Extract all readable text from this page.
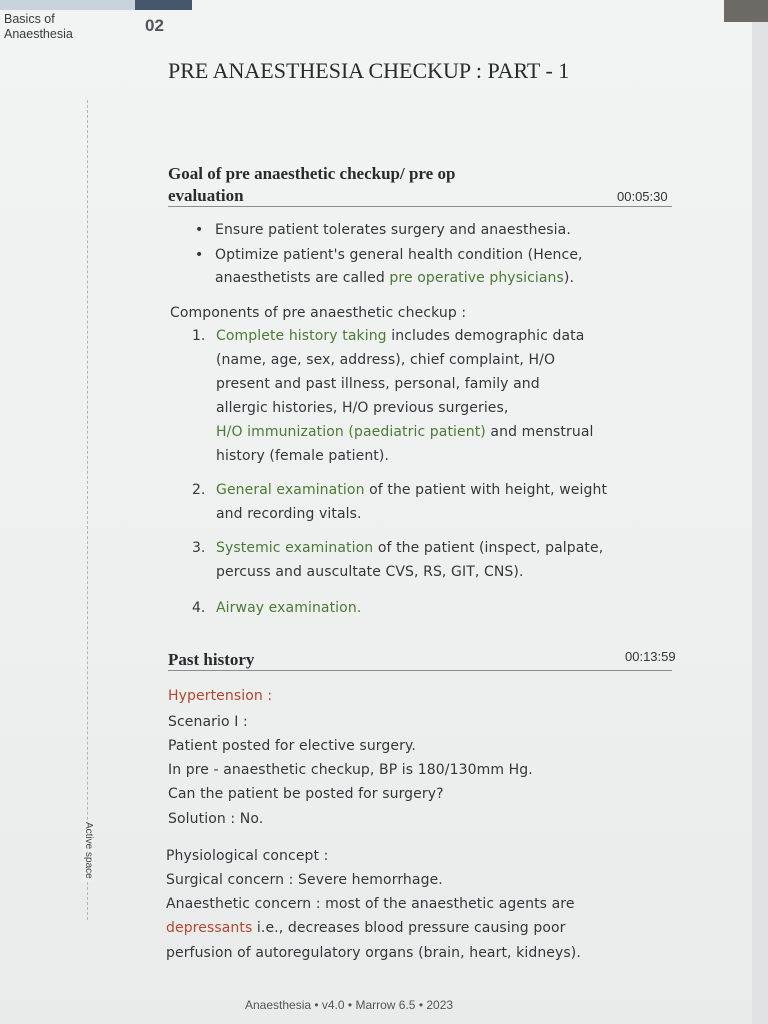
Basics of
Anaesthesia	02
PRE ANAESTHESIA CHECKUP : PART - 1
Active space
Goal of pre anaesthetic checkup/ pre op
evaluation	00:05:30
• Ensure patient tolerates surgery and anaesthesia.
• Optimize patient's general health condition (Hence,
anaesthetists are called pre operative physicians).
Components of pre anaesthetic checkup :
1. Complete history taking includes demographic data
(name, age, sex, address), chief complaint, H/O
present and past illness, personal, family and
allergic histories, H/O previous surgeries,
H/O immunization (paediatric patient) and menstrual
history (female patient).
2. General examination of the patient with height, weight
and recording vitals.
3. Systemic examination of the patient (inspect, palpate,
percuss and auscultate CVS, RS, GIT, CNS).
4. Airway examination.
Past history	00:13:59
Hypertension :
Scenario I :
Patient posted for elective surgery.
In pre - anaesthetic checkup, BP is 180/130mm Hg.
Can the patient be posted for surgery?
Solution : No.
Physiological concept :
Surgical concern : Severe hemorrhage.
Anaesthetic concern : most of the anaesthetic agents are
depressants i.e., decreases blood pressure causing poor
perfusion of autoregulatory organs (brain, heart, kidneys).
Anaesthesia • v4.0 • Marrow 6.5 • 2023
